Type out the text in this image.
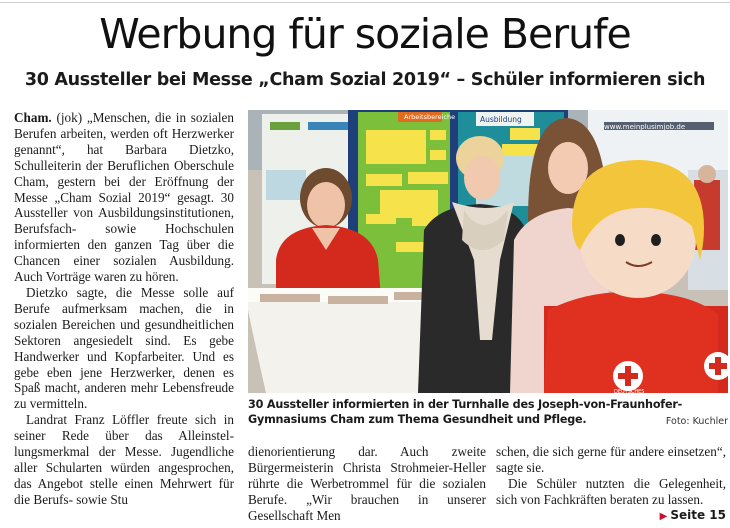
Werbung für soziale Berufe
30 Aussteller bei Messe „Cham Sozial 2019“ – Schüler informieren sich

Cham. (jok) „Menschen, die in sozialen Berufen arbeiten, werden oft Herzwerker genannt“, hat Barbara Dietzko, Schulleiterin der Beruflichen Oberschule Cham, gestern bei der Eröffnung der Messe „Cham Sozial 2019“ gesagt. 30 Aussteller von Ausbildungsinstitutionen, Berufsfach- sowie Hochschulen informierten den ganzen Tag über die Chancen einer sozialen Ausbildung. Auch Vorträge waren zu hören.

Dietzko sagte, die Messe solle auf Berufe aufmerksam machen, die in sozialen Bereichen und gesundheitlichen Sektoren angesiedelt sind. Es gebe Handwerker und Kopfarbeiter. Und es gebe eben jene Herzwerker, denen es Spaß macht, anderen mehr Lebensfreude zu vermitteln.

Landrat Franz Löffler freute sich in seiner Rede über das Alleinstellungsmerkmal der Messe. Jugendliche aller Schularten würden angesprochen, das Angebot stelle einen Mehrwert für die Berufs- sowie Stu

Arbeitsbereiche	Ausbildung
www.meinplusimjob.de
DEUTSCHES
30 Aussteller informierten in der Turnhalle des Joseph-von-Fraunhofer-Gymnasiums Cham zum Thema Gesundheit und Pflege.	Foto: Kuchler

dienorientierung dar. Auch zweite Bürgermeisterin Christa Strohmeier-Heller rührte die Werbetrommel für die sozialen Berufe. „Wir brauchen in unserer Gesellschaft Men

schen, die sich gerne für andere einsetzen“, sagte sie.

Die Schüler nutzten die Gelegenheit, sich von Fachkräften beraten zu lassen.
▶ Seite 15
